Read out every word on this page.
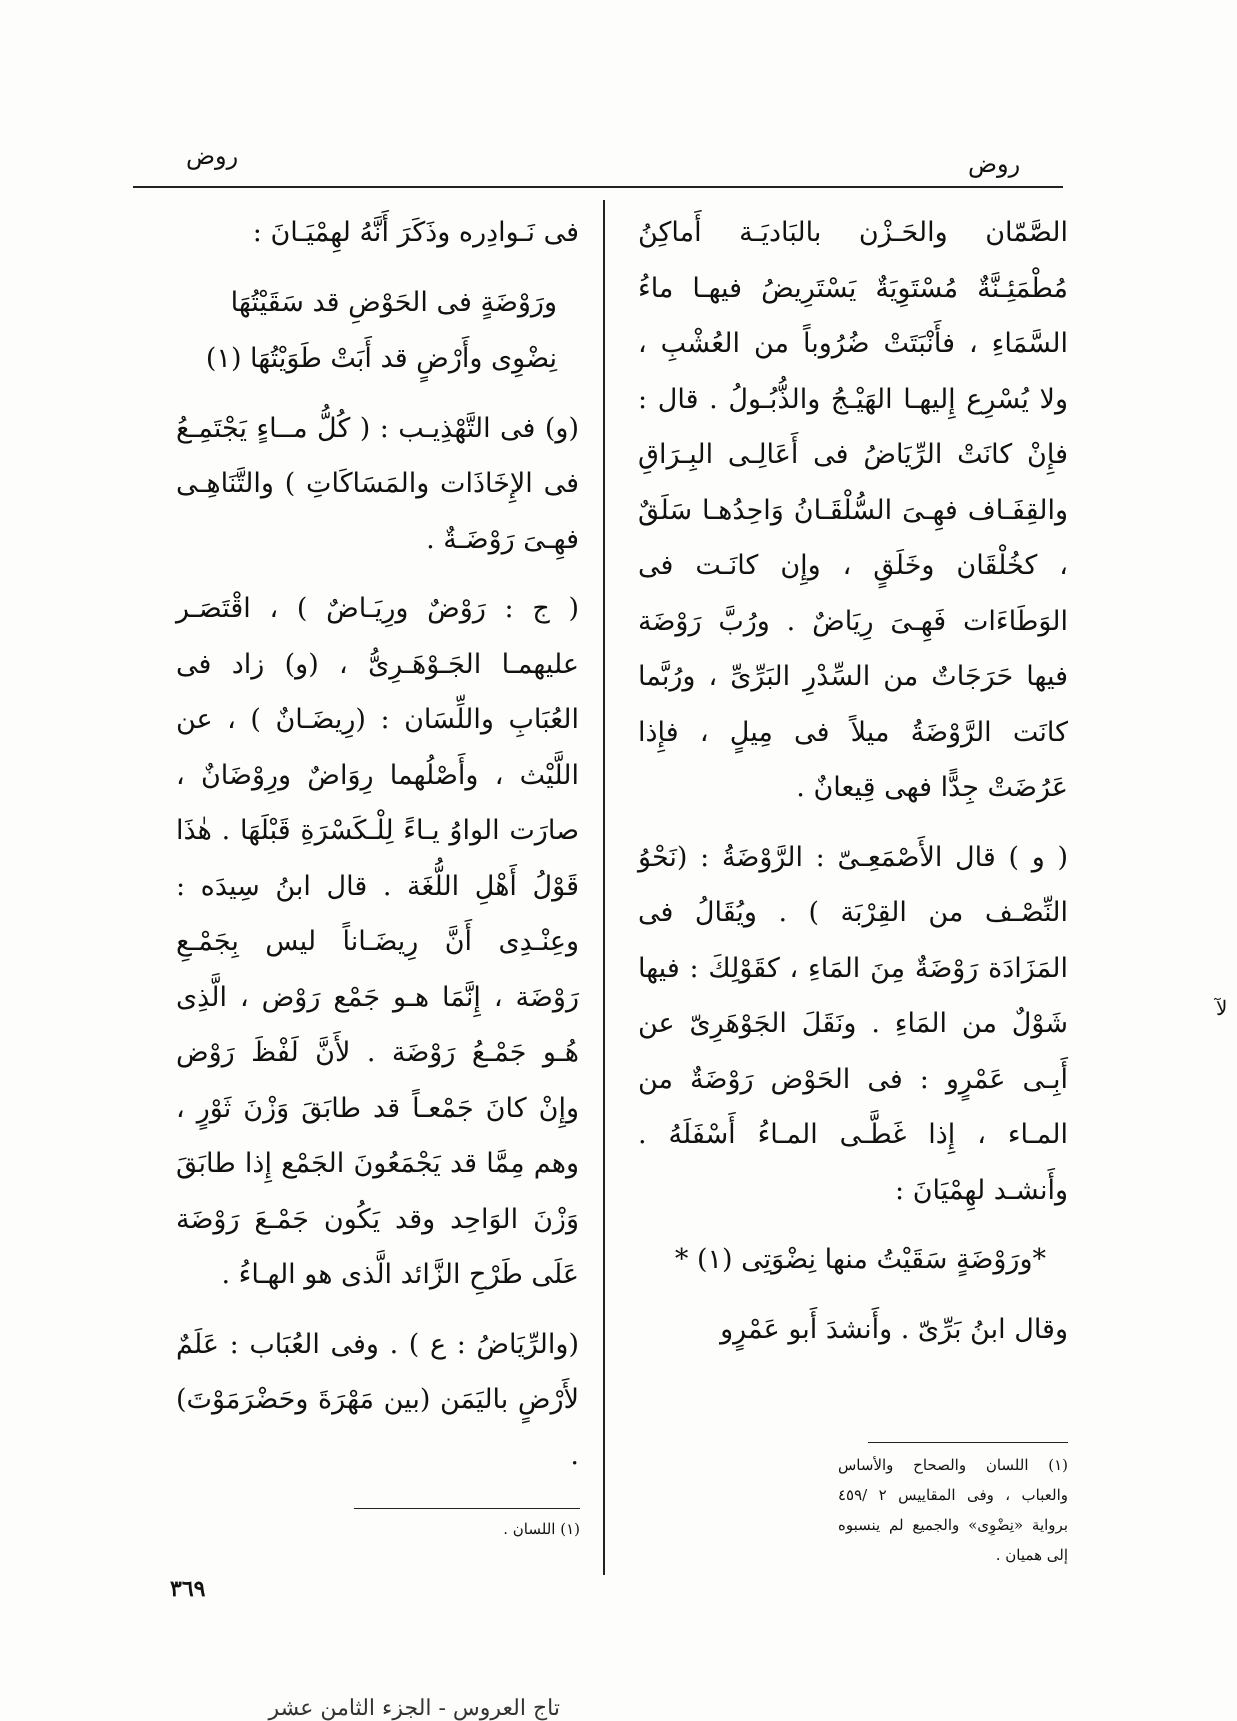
روض
روض

الصَّمّان والحَـزْن بالبَاديَـة أَماكِنُ مُطْمَئِـنَّةٌ مُسْتَوِيَةٌ يَسْتَرِيضُ فيهـا ماءُ السَّمَاءِ ، فأَنْبَتَتْ ضُرُوباً من العُشْبِ ، ولا يُسْرِع إِليهـا الهَيْـجُ والذُّبُـولُ . قال : فإِنْ كانَتْ الرِّيَاضُ فى أَعَالِـى البِـرَاقِ والقِفَـاف فهِـىَ السُّلْقَـانُ وَاحِدُهـا سَلَقٌ ، كخُلْقَان وخَلَقٍ ، وإِن كانَـت فى الوَطَاءَات فَهِـىَ رِيَاضٌ . ورُبَّ رَوْضَة فيها حَرَجَاتٌ من السِّدْرِ البَرِّىِّ ، ورُبَّما كانَت الرَّوْضَةُ ميلاً فى مِيلٍ ، فإِذا عَرُضَتْ جِدًّا فهى قِيعانٌ .

( و ) قال الأَصْمَعِـىّ : الرَّوْضَةُ : (نَحْوُ النِّصْـف من القِرْبَة ) . ويُقَالُ فى المَزَادَة رَوْضَةٌ مِنَ المَاءِ ، كقَوْلِكَ : فيها شَوْلٌ من المَاءِ . ونَقَلَ الجَوْهَرِىّ عن أَبِـى عَمْرٍو : فى الحَوْض رَوْضَةٌ من المـاء ، إِذا غَطَّـى المـاءُ أَسْفَلَهُ . وأَنشـد لهِمْيَانَ :

*ورَوْضَةٍ سَقَيْتُ منها نِضْوَتِى (١) *

وقال ابنُ بَرِّىّ . وأَنشدَ أَبو عَمْرٍو

(١) اللسان والصحاح والأساس والعباب ، وفى المقاييس ٢ /٤٥٩ برواية «نِضْوِى» والجميع لم ينسبوه إلى هميان .

فى نَـوادِره وذَكَرَ أَنَّهُ لهِمْيَـانَ :

ورَوْضَةٍ فى الحَوْضِ قد سَقَيْتُهَا

نِضْوِى وأَرْضٍ قد أَبَتْ طَوَيْتُهَا (١)

(و) فى التَّهْذِيـب : ( كُلُّ مــاءٍ يَجْتَمِـعُ فى الإِخَاذَات والمَسَاكَاتِ ) والتَّنَاهِـى فهِـىَ رَوْضَـةٌ .

( ج : رَوْضٌ ورِيَـاضٌ ) ، اقْتَصَـر عليهمـا الجَـوْهَـرِىُّ ، (و) زاد فى العُبَابِ واللِّسَان : (رِيضَـانٌ ) ، عن اللَّيْث ، وأَصْلُهما رِوَاضٌ ورِوْضَانٌ ، صارَت الواوُ يـاءً لِلْـكَسْرَةِ قَبْلَهَا . هٰذَا قَوْلُ أَهْلِ اللُّغَة . قال ابنُ سِيدَه : وعِنْـدِى أَنَّ رِيضَـاناً ليس بِجَمْـعِ رَوْضَة ، إِنَّمَا هـو جَمْع رَوْض ، الَّذِى هُـو جَمْـعُ رَوْضَة . لأَنَّ لَفْظَ رَوْض وإِنْ كانَ جَمْعـاً قد طابَقَ وَزْنَ ثَوْرٍ ، وهم مِمَّا قد يَجْمَعُونَ الجَمْع إِذا طابَقَ وَزْنَ الوَاحِد وقد يَكُون جَمْـعَ رَوْضَة عَلَى طَرْحِ الزَّائد الَّذى هو الهـاءُ .

(والرِّيَاضُ : ع ) . وفى العُبَاب : عَلَمٌ لأَرْضٍ باليَمَن (بين مَهْرَةَ وحَضْرَمَوْتَ) .

(١) اللسان .

٣٦٩
لآ
تاج العروس - الجزء الثامن عشر
